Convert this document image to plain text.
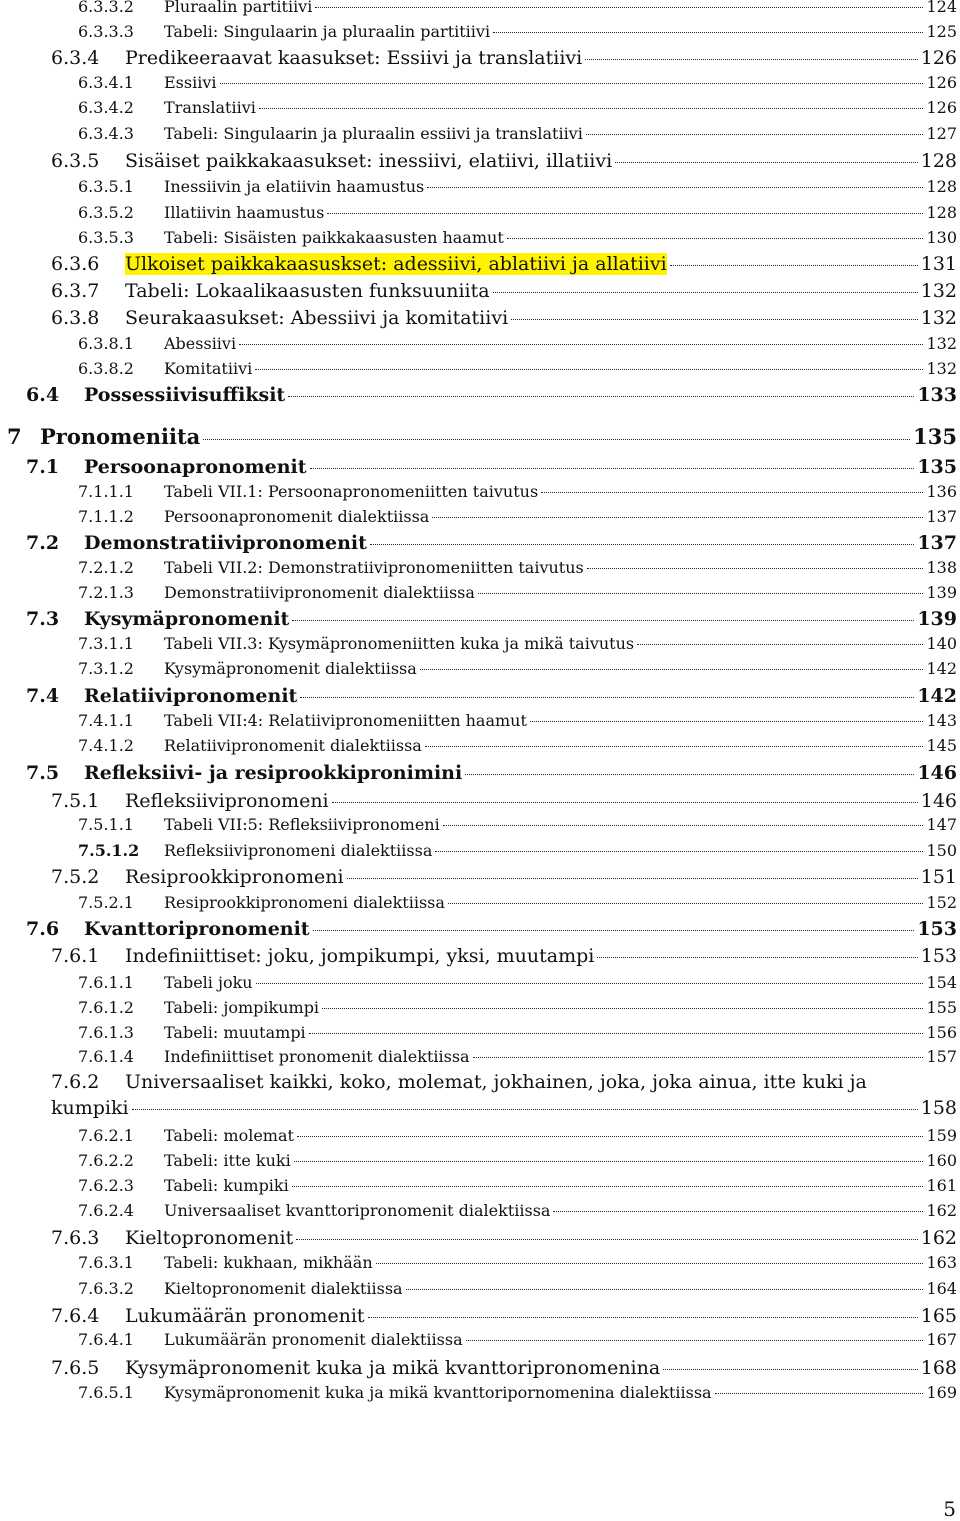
6.3.3.2	Pluraalin partitiivi	124
6.3.3.3	Tabeli: Singulaarin ja pluraalin partitiivi	125
6.3.4	Predikeeraavat kaasukset: Essiivi ja translatiivi	126
6.3.4.1	Essiivi	126
6.3.4.2	Translatiivi	126
6.3.4.3	Tabeli: Singulaarin ja pluraalin essiivi ja translatiivi	127
6.3.5	Sisäiset paikkakaasukset: inessiivi, elatiivi, illatiivi	128
6.3.5.1	Inessiivin ja elatiivin haamustus	128
6.3.5.2	Illatiivin haamustus	128
6.3.5.3	Tabeli: Sisäisten paikkakaasusten haamut	130
6.3.6	Ulkoiset paikkakaasuskset: adessiivi, ablatiivi ja allatiivi	131
6.3.7	Tabeli: Lokaalikaasusten funksuuniita	132
6.3.8	Seurakaasukset: Abessiivi ja komitatiivi	132
6.3.8.1	Abessiivi	132
6.3.8.2	Komitatiivi	132
6.4	Possessiivisuffiksit	133
7 Pronomeniita	135
7.1	Persoonapronomenit	135
7.1.1.1	Tabeli VII.1: Persoonapronomeniitten taivutus	136
7.1.1.2	Persoonapronomenit dialektiissa	137
7.2	Demonstratiivipronomenit	137
7.2.1.2	Tabeli VII.2: Demonstratiivipronomeniitten taivutus	138
7.2.1.3	Demonstratiivipronomenit dialektiissa	139
7.3	Kysymäpronomenit	139
7.3.1.1	Tabeli VII.3: Kysymäpronomeniitten kuka ja mikä taivutus	140
7.3.1.2	Kysymäpronomenit dialektiissa	142
7.4	Relatiivipronomenit	142
7.4.1.1	Tabeli VII:4: Relatiivipronomeniitten haamut	143
7.4.1.2	Relatiivipronomenit dialektiissa	145
7.5	Refleksiivi- ja resiprookkipronimini	146
7.5.1	Refleksiivipronomeni	146
7.5.1.1	Tabeli VII:5: Refleksiivipronomeni	147
7.5.1.2	Refleksiivipronomeni dialektiissa	150
7.5.2	Resiprookkipronomeni	151
7.5.2.1	Resiprookkipronomeni dialektiissa	152
7.6	Kvanttoripronomenit	153
7.6.1	Indefiniittiset: joku, jompikumpi, yksi, muutampi	153
7.6.1.1	Tabeli joku	154
7.6.1.2	Tabeli: jompikumpi	155
7.6.1.3	Tabeli: muutampi	156
7.6.1.4	Indefiniittiset pronomenit dialektiissa	157
7.6.2 Universaaliset kaikki, koko, molemat, jokhainen, joka, joka ainua, itte kuki ja
kumpiki	158
7.6.2.1	Tabeli: molemat	159
7.6.2.2	Tabeli: itte kuki	160
7.6.2.3	Tabeli: kumpiki	161
7.6.2.4	Universaaliset kvanttoripronomenit dialektiissa	162
7.6.3	Kieltopronomenit	162
7.6.3.1	Tabeli: kukhaan, mikhään	163
7.6.3.2	Kieltopronomenit dialektiissa	164
7.6.4	Lukumäärän pronomenit	165
7.6.4.1	Lukumäärän pronomenit dialektiissa	167
7.6.5	Kysymäpronomenit kuka ja mikä kvanttoripronomenina	168
7.6.5.1	Kysymäpronomenit kuka ja mikä kvanttoripornomenina dialektiissa	169
5
